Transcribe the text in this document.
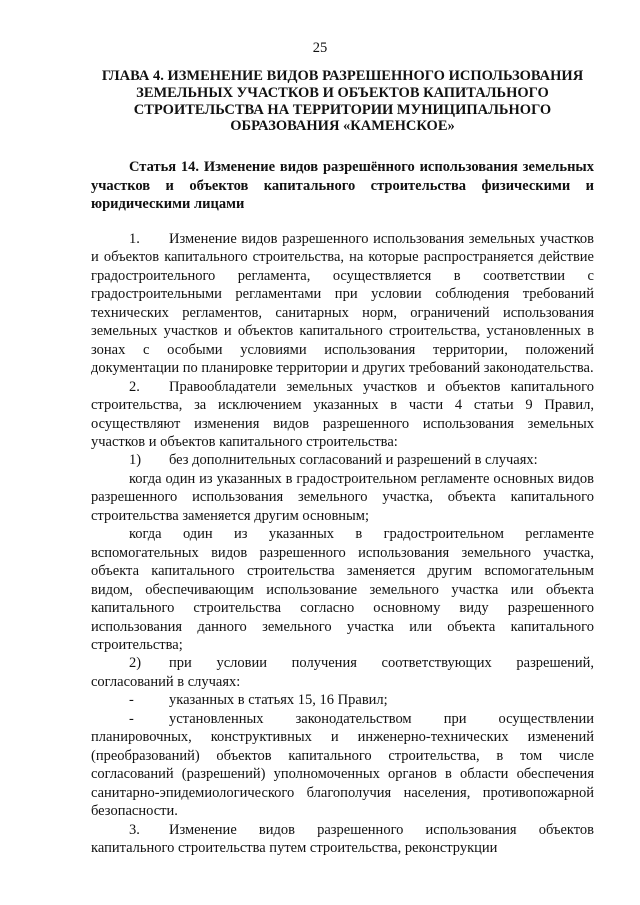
25
ГЛАВА 4. ИЗМЕНЕНИЕ ВИДОВ РАЗРЕШЕННОГО ИСПОЛЬЗОВАНИЯ ЗЕМЕЛЬНЫХ УЧАСТКОВ И ОБЪЕКТОВ КАПИТАЛЬНОГО СТРОИТЕЛЬСТВА НА ТЕРРИТОРИИ МУНИЦИПАЛЬНОГО ОБРАЗОВАНИЯ «КАМЕНСКОЕ»
Статья 14. Изменение видов разрешённого использования земельных участков и объектов капитального строительства физическими и юридическими лицами

1. Изменение видов разрешенного использования земельных участков и объектов капитального строительства, на которые распространяется действие градостроительного регламента, осуществляется в соответствии с градостроительными регламентами при условии соблюдения требований технических регламентов, санитарных норм, ограничений использования земельных участков и объектов капитального строительства, установленных в зонах с особыми условиями использования территории, положений документации по планировке территории и других требований законодательства.

2. Правообладатели земельных участков и объектов капитального строительства, за исключением указанных в части 4 статьи 9 Правил, осуществляют изменения видов разрешенного использования земельных участков и объектов капитального строительства:

1) без дополнительных согласований и разрешений в случаях:

когда один из указанных в градостроительном регламенте основных видов разрешенного использования земельного участка, объекта капитального строительства заменяется другим основным;

когда один из указанных в градостроительном регламенте вспомогательных видов разрешенного использования земельного участка, объекта капитального строительства заменяется другим вспомогательным видом, обеспечивающим использование земельного участка или объекта капитального строительства согласно основному виду разрешенного использования данного земельного участка или объекта капитального строительства;

2) при условии получения соответствующих разрешений, согласований в случаях:

- указанных в статьях 15, 16 Правил;

- установленных законодательством при осуществлении планировочных, конструктивных и инженерно-технических изменений (преобразований) объектов капитального строительства, в том числе согласований (разрешений) уполномоченных органов в области обеспечения санитарно-эпидемиологического благополучия населения, противопожарной безопасности.

3. Изменение видов разрешенного использования объектов капитального строительства путем строительства, реконструкции
